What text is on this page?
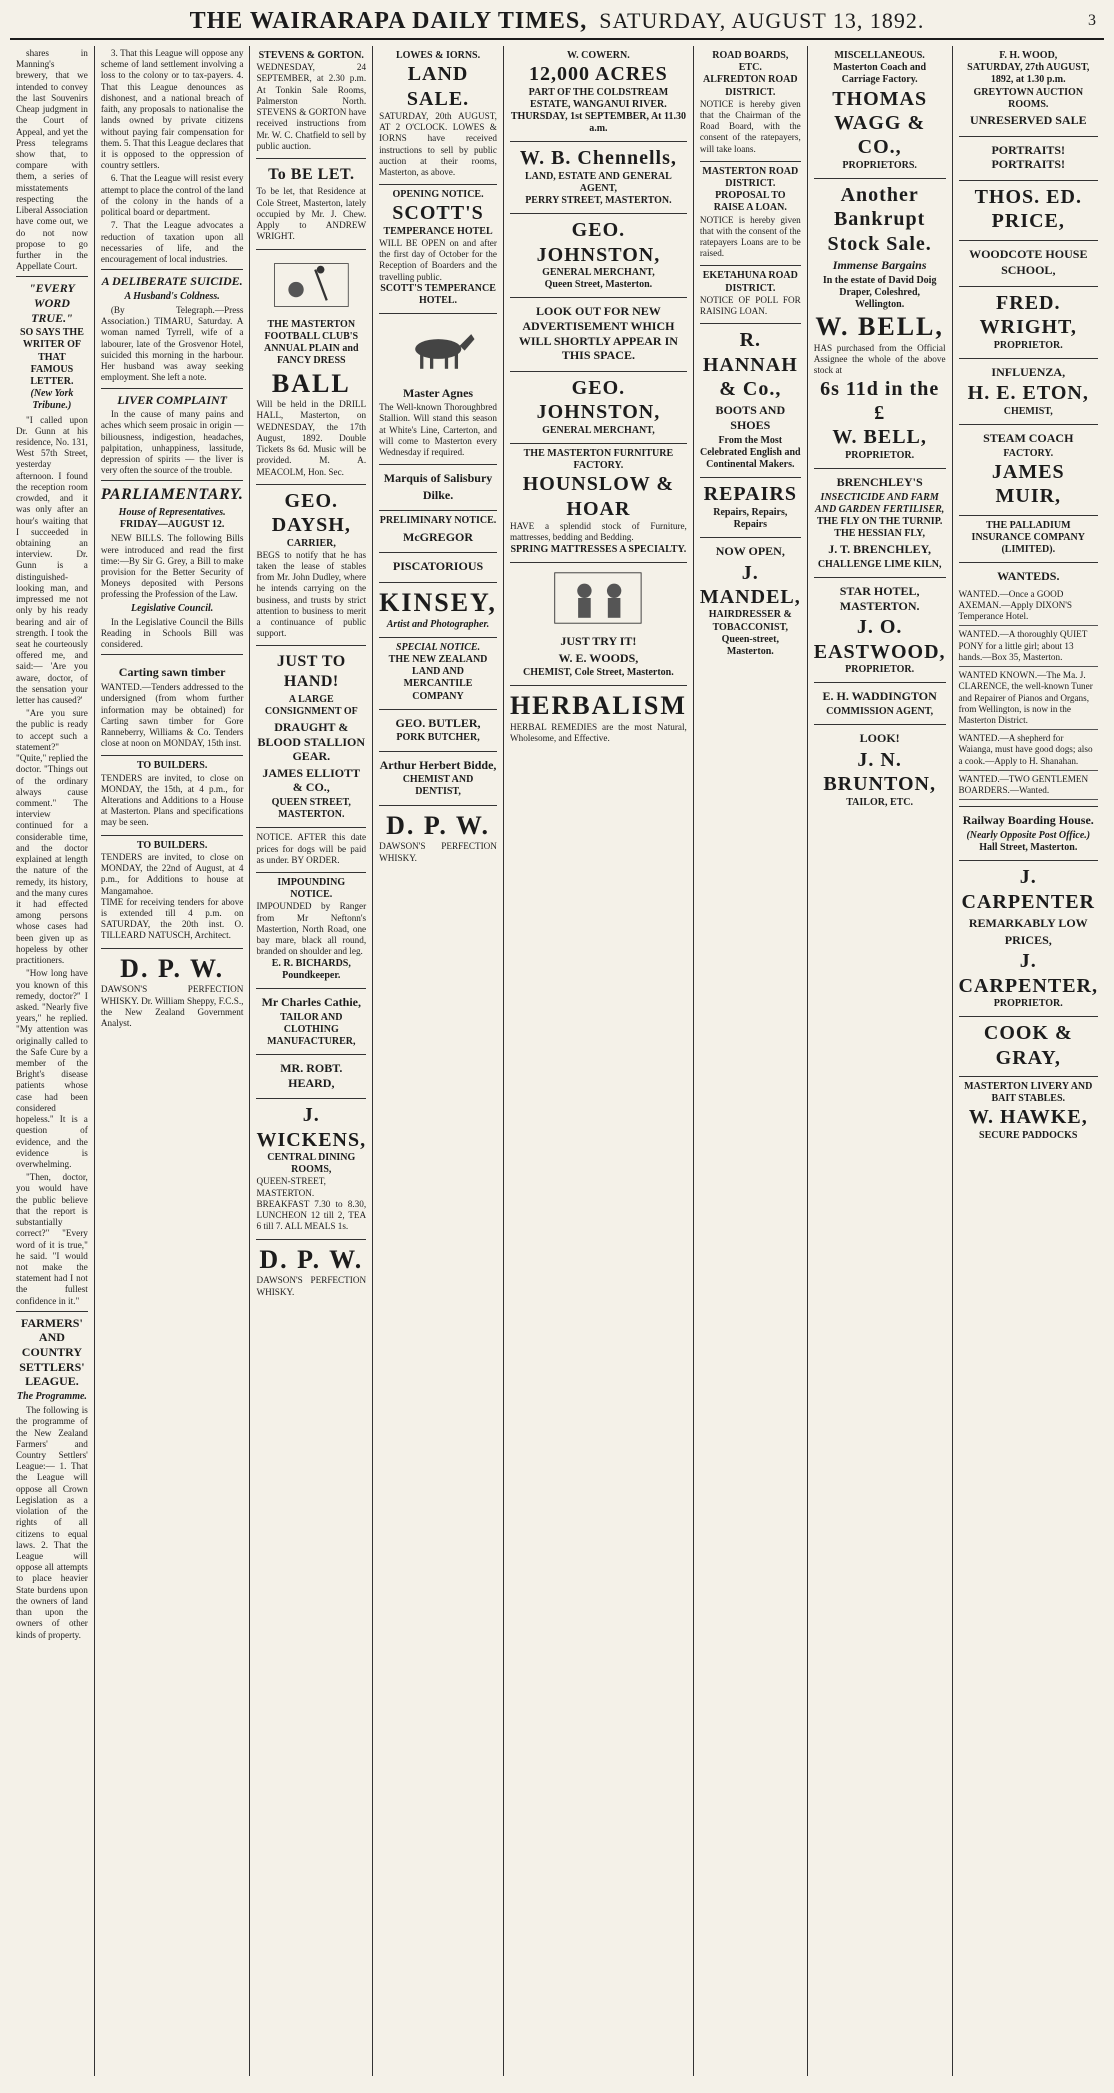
THE WAIRARAPA DAILY TIMES, SATURDAY, AUGUST 13, 1892.	3
shares in Manning's brewery, that we intended to convey the last Souvenirs Cheap judgment in the Court of Appeal, and yet the Press telegrams show that, to compare with them, a series of misstatements respecting the Liberal Association have come out, we do not now propose to go further in the Appellate Court.
"EVERY WORD TRUE."
SO SAYS THE WRITER OF THAT FAMOUS LETTER.
(New York Tribune.)
"I called upon Dr. Gunn at his residence, No. 131, West 57th Street, yesterday afternoon. I found the reception room crowded, and it was only after an hour's waiting that I succeeded in obtaining an interview. Dr. Gunn is a distinguished-looking man, and impressed me not only by his ready bearing and air of strength. I took the seat he courteously offered me, and said:— 'Are you aware, doctor, of the sensation your letter has caused?'
"Are you sure the public is ready to accept such a statement?" "Quite," replied the doctor. "Things out of the ordinary always cause comment." The interview continued for a considerable time, and the doctor explained at length the nature of the remedy, its history, and the many cures it had effected among persons whose cases had been given up as hopeless by other practitioners.
"How long have you known of this remedy, doctor?" I asked. "Nearly five years," he replied. "My attention was originally called to the Safe Cure by a member of the Bright's disease patients whose case had been considered hopeless." It is a question of evidence, and the evidence is overwhelming.
"Then, doctor, you would have the public believe that the report is substantially correct?" "Every word of it is true," he said. "I would not make the statement had I not the fullest confidence in it."
FARMERS' AND COUNTRY SETTLERS' LEAGUE.
The Programme.
The following is the programme of the New Zealand Farmers' and Country Settlers' League:— 1. That the League will oppose all Crown Legislation as a violation of the rights of all citizens to equal laws. 2. That the League will oppose all attempts to place heavier State burdens upon the owners of land than upon the owners of other kinds of property.
3. That this League will oppose any scheme of land settlement involving a loss to the colony or to tax-payers. 4. That this League denounces as dishonest, and a national breach of faith, any proposals to nationalise the lands owned by private citizens without paying fair compensation for them. 5. That this League declares that it is opposed to the oppression of country settlers.
6. That the League will resist every attempt to place the control of the land of the colony in the hands of a political board or department.
7. That the League advocates a reduction of taxation upon all necessaries of life, and the encouragement of local industries.
A DELIBERATE SUICIDE.
A Husband's Coldness.
(By Telegraph.—Press Association.) TIMARU, Saturday. A woman named Tyrrell, wife of a labourer, late of the Grosvenor Hotel, suicided this morning in the harbour. Her husband was away seeking employment. She left a note.
LIVER COMPLAINT
In the cause of many pains and aches which seem prosaic in origin — biliousness, indigestion, headaches, palpitation, unhappiness, lassitude, depression of spirits — the liver is very often the source of the trouble.
PARLIAMENTARY.
House of Representatives.
FRIDAY—AUGUST 12.
NEW BILLS. The following Bills were introduced and read the first time:—By Sir G. Grey, a Bill to make provision for the Better Security of Moneys deposited with Persons professing the Profession of the Law.
Legislative Council.
In the Legislative Council the Bills Reading in Schools Bill was considered.
Carting sawn timber
WANTED.—Tenders addressed to the undersigned (from whom further information may be obtained) for Carting sawn timber for Gore Ranneberry, Williams & Co. Tenders close at noon on MONDAY, 15th inst.
TO BUILDERS.
TENDERS are invited, to close on MONDAY, the 15th, at 4 p.m., for Alterations and Additions to a House at Masterton. Plans and specifications may be seen.
TO BUILDERS.
TENDERS are invited, to close on MONDAY, the 22nd of August, at 4 p.m., for Additions to house at Mangamahoe.
TIME for receiving tenders for above is extended till 4 p.m. on SATURDAY, the 20th inst. O. TILLEARD NATUSCH, Architect.
D. P. W.
DAWSON'S PERFECTION WHISKY. Dr. William Sheppy, F.C.S., the New Zealand Government Analyst.
STEVENS & GORTON.
WEDNESDAY, 24 SEPTEMBER, at 2.30 p.m. At Tonkin Sale Rooms, Palmerston North. STEVENS & GORTON have received instructions from Mr. W. C. Chatfield to sell by public auction.
To BE LET.
To be let, that Residence at Cole Street, Masterton, lately occupied by Mr. J. Chew. Apply to ANDREW WRIGHT.
THE MASTERTON FOOTBALL CLUB'S
ANNUAL PLAIN and FANCY DRESS
BALL
Will be held in the DRILL HALL, Masterton, on WEDNESDAY, the 17th August, 1892. Double Tickets 8s 6d. Music will be provided. M. A. MEACOLM, Hon. Sec.
GEO. DAYSH,
CARRIER,
BEGS to notify that he has taken the lease of stables from Mr. John Dudley, where he intends carrying on the business, and trusts by strict attention to business to merit a continuance of public support.
JUST TO HAND!
A LARGE CONSIGNMENT OF
DRAUGHT & BLOOD STALLION GEAR.
JAMES ELLIOTT & CO.,
QUEEN STREET, MASTERTON.
NOTICE. AFTER this date prices for dogs will be paid as under. BY ORDER.
IMPOUNDING NOTICE.
IMPOUNDED by Ranger from Mr Neftonn's Mastertion, North Road, one bay mare, black all round, branded on shoulder and leg.
E. R. BICHARDS, Poundkeeper.
Mr Charles Cathie,
TAILOR AND CLOTHING MANUFACTURER,
MR. ROBT. HEARD,
J. WICKENS,
CENTRAL DINING ROOMS,
QUEEN-STREET, MASTERTON. BREAKFAST 7.30 to 8.30, LUNCHEON 12 till 2, TEA 6 till 7. ALL MEALS 1s.
D. P. W.
DAWSON'S PERFECTION WHISKY.
LOWES & IORNS.
LAND SALE.
SATURDAY, 20th AUGUST, AT 2 O'CLOCK. LOWES & IORNS have received instructions to sell by public auction at their rooms, Masterton, as above.
OPENING NOTICE.
SCOTT'S
TEMPERANCE HOTEL
WILL BE OPEN on and after the first day of October for the Reception of Boarders and the travelling public.
SCOTT'S TEMPERANCE HOTEL.
Master Agnes
The Well-known Thoroughbred Stallion. Will stand this season at White's Line, Carterton, and will come to Masterton every Wednesday if required.
Marquis of Salisbury
Dilke.
PRELIMINARY NOTICE.
McGREGOR
PISCATORIOUS
KINSEY,
Artist and Photographer.
SPECIAL NOTICE.
THE NEW ZEALAND LAND AND MERCANTILE COMPANY
GEO. BUTLER,
PORK BUTCHER,
Arthur Herbert Bidde,
CHEMIST AND DENTIST,
D. P. W.
DAWSON'S PERFECTION WHISKY.
W. COWERN.
12,000 ACRES
PART OF THE COLDSTREAM ESTATE, WANGANUI RIVER.
THURSDAY, 1st SEPTEMBER, At 11.30 a.m.
W. B. Chennells,
LAND, ESTATE AND GENERAL AGENT,
PERRY STREET, MASTERTON.
GEO. JOHNSTON,
GENERAL MERCHANT,
Queen Street, Masterton.
LOOK OUT FOR NEW ADVERTISEMENT WHICH WILL SHORTLY APPEAR IN THIS SPACE.
GEO. JOHNSTON,
GENERAL MERCHANT,
THE MASTERTON FURNITURE FACTORY.
HOUNSLOW & HOAR
HAVE a splendid stock of Furniture, mattresses, bedding and Bedding.
SPRING MATTRESSES A SPECIALTY.
JUST TRY IT!
W. E. WOODS,
CHEMIST, Cole Street, Masterton.
HERBALISM
HERBAL REMEDIES are the most Natural, Wholesome, and Effective.
ROAD BOARDS, ETC.
ALFREDTON ROAD DISTRICT.
NOTICE is hereby given that the Chairman of the Road Board, with the consent of the ratepayers, will take loans.
MASTERTON ROAD DISTRICT.
PROPOSAL TO RAISE A LOAN.
NOTICE is hereby given that with the consent of the ratepayers Loans are to be raised.
EKETAHUNA ROAD DISTRICT.
NOTICE OF POLL FOR RAISING LOAN.
R. HANNAH & Co.,
BOOTS AND SHOES
From the Most Celebrated English and Continental Makers.
REPAIRS
Repairs, Repairs, Repairs
NOW OPEN,
J. MANDEL,
HAIRDRESSER & TOBACCONIST,
Queen-street, Masterton.
MISCELLANEOUS.
Masterton Coach and Carriage Factory.
THOMAS WAGG & CO.,
PROPRIETORS.
Another Bankrupt Stock Sale.
Immense Bargains
In the estate of David Doig Draper, Coleshred, Wellington.
W. BELL,
HAS purchased from the Official Assignee the whole of the above stock at
6s 11d in the £
W. BELL,
PROPRIETOR.
BRENCHLEY'S
INSECTICIDE AND FARM AND GARDEN FERTILISER,
THE FLY ON THE TURNIP.
THE HESSIAN FLY,
J. T. BRENCHLEY,
CHALLENGE LIME KILN,
STAR HOTEL, MASTERTON.
J. O. EASTWOOD,
PROPRIETOR.
E. H. WADDINGTON
COMMISSION AGENT,
LOOK!
J. N. BRUNTON,
TAILOR, ETC.
F. H. WOOD,
SATURDAY, 27th AUGUST, 1892, at 1.30 p.m.
GREYTOWN AUCTION ROOMS.
UNRESERVED SALE
PORTRAITS! PORTRAITS!
THOS. ED. PRICE,
WOODCOTE HOUSE
SCHOOL,
FRED. WRIGHT,
PROPRIETOR.
INFLUENZA,
H. E. ETON,
CHEMIST,
STEAM COACH
FACTORY.
JAMES MUIR,
THE PALLADIUM INSURANCE COMPANY (LIMITED).
WANTEDS.
WANTED.—Once a GOOD AXEMAN.—Apply DIXON'S Temperance Hotel.
WANTED.—A thoroughly QUIET PONY for a little girl; about 13 hands.—Box 35, Masterton.
WANTED KNOWN.—The Ma. J. CLARENCE, the well-known Tuner and Repairer of Pianos and Organs, from Wellington, is now in the Masterton District.
WANTED.—A shepherd for Waianga, must have good dogs; also a cook.—Apply to H. Shanahan.
WANTED.—TWO GENTLEMEN BOARDERS.—Wanted.
Railway Boarding House.
(Nearly Opposite Post Office.)
Hall Street, Masterton.
J. CARPENTER
REMARKABLY LOW
PRICES,
J. CARPENTER,
PROPRIETOR.
COOK & GRAY,
MASTERTON LIVERY AND BAIT STABLES.
W. HAWKE,
SECURE PADDOCKS
